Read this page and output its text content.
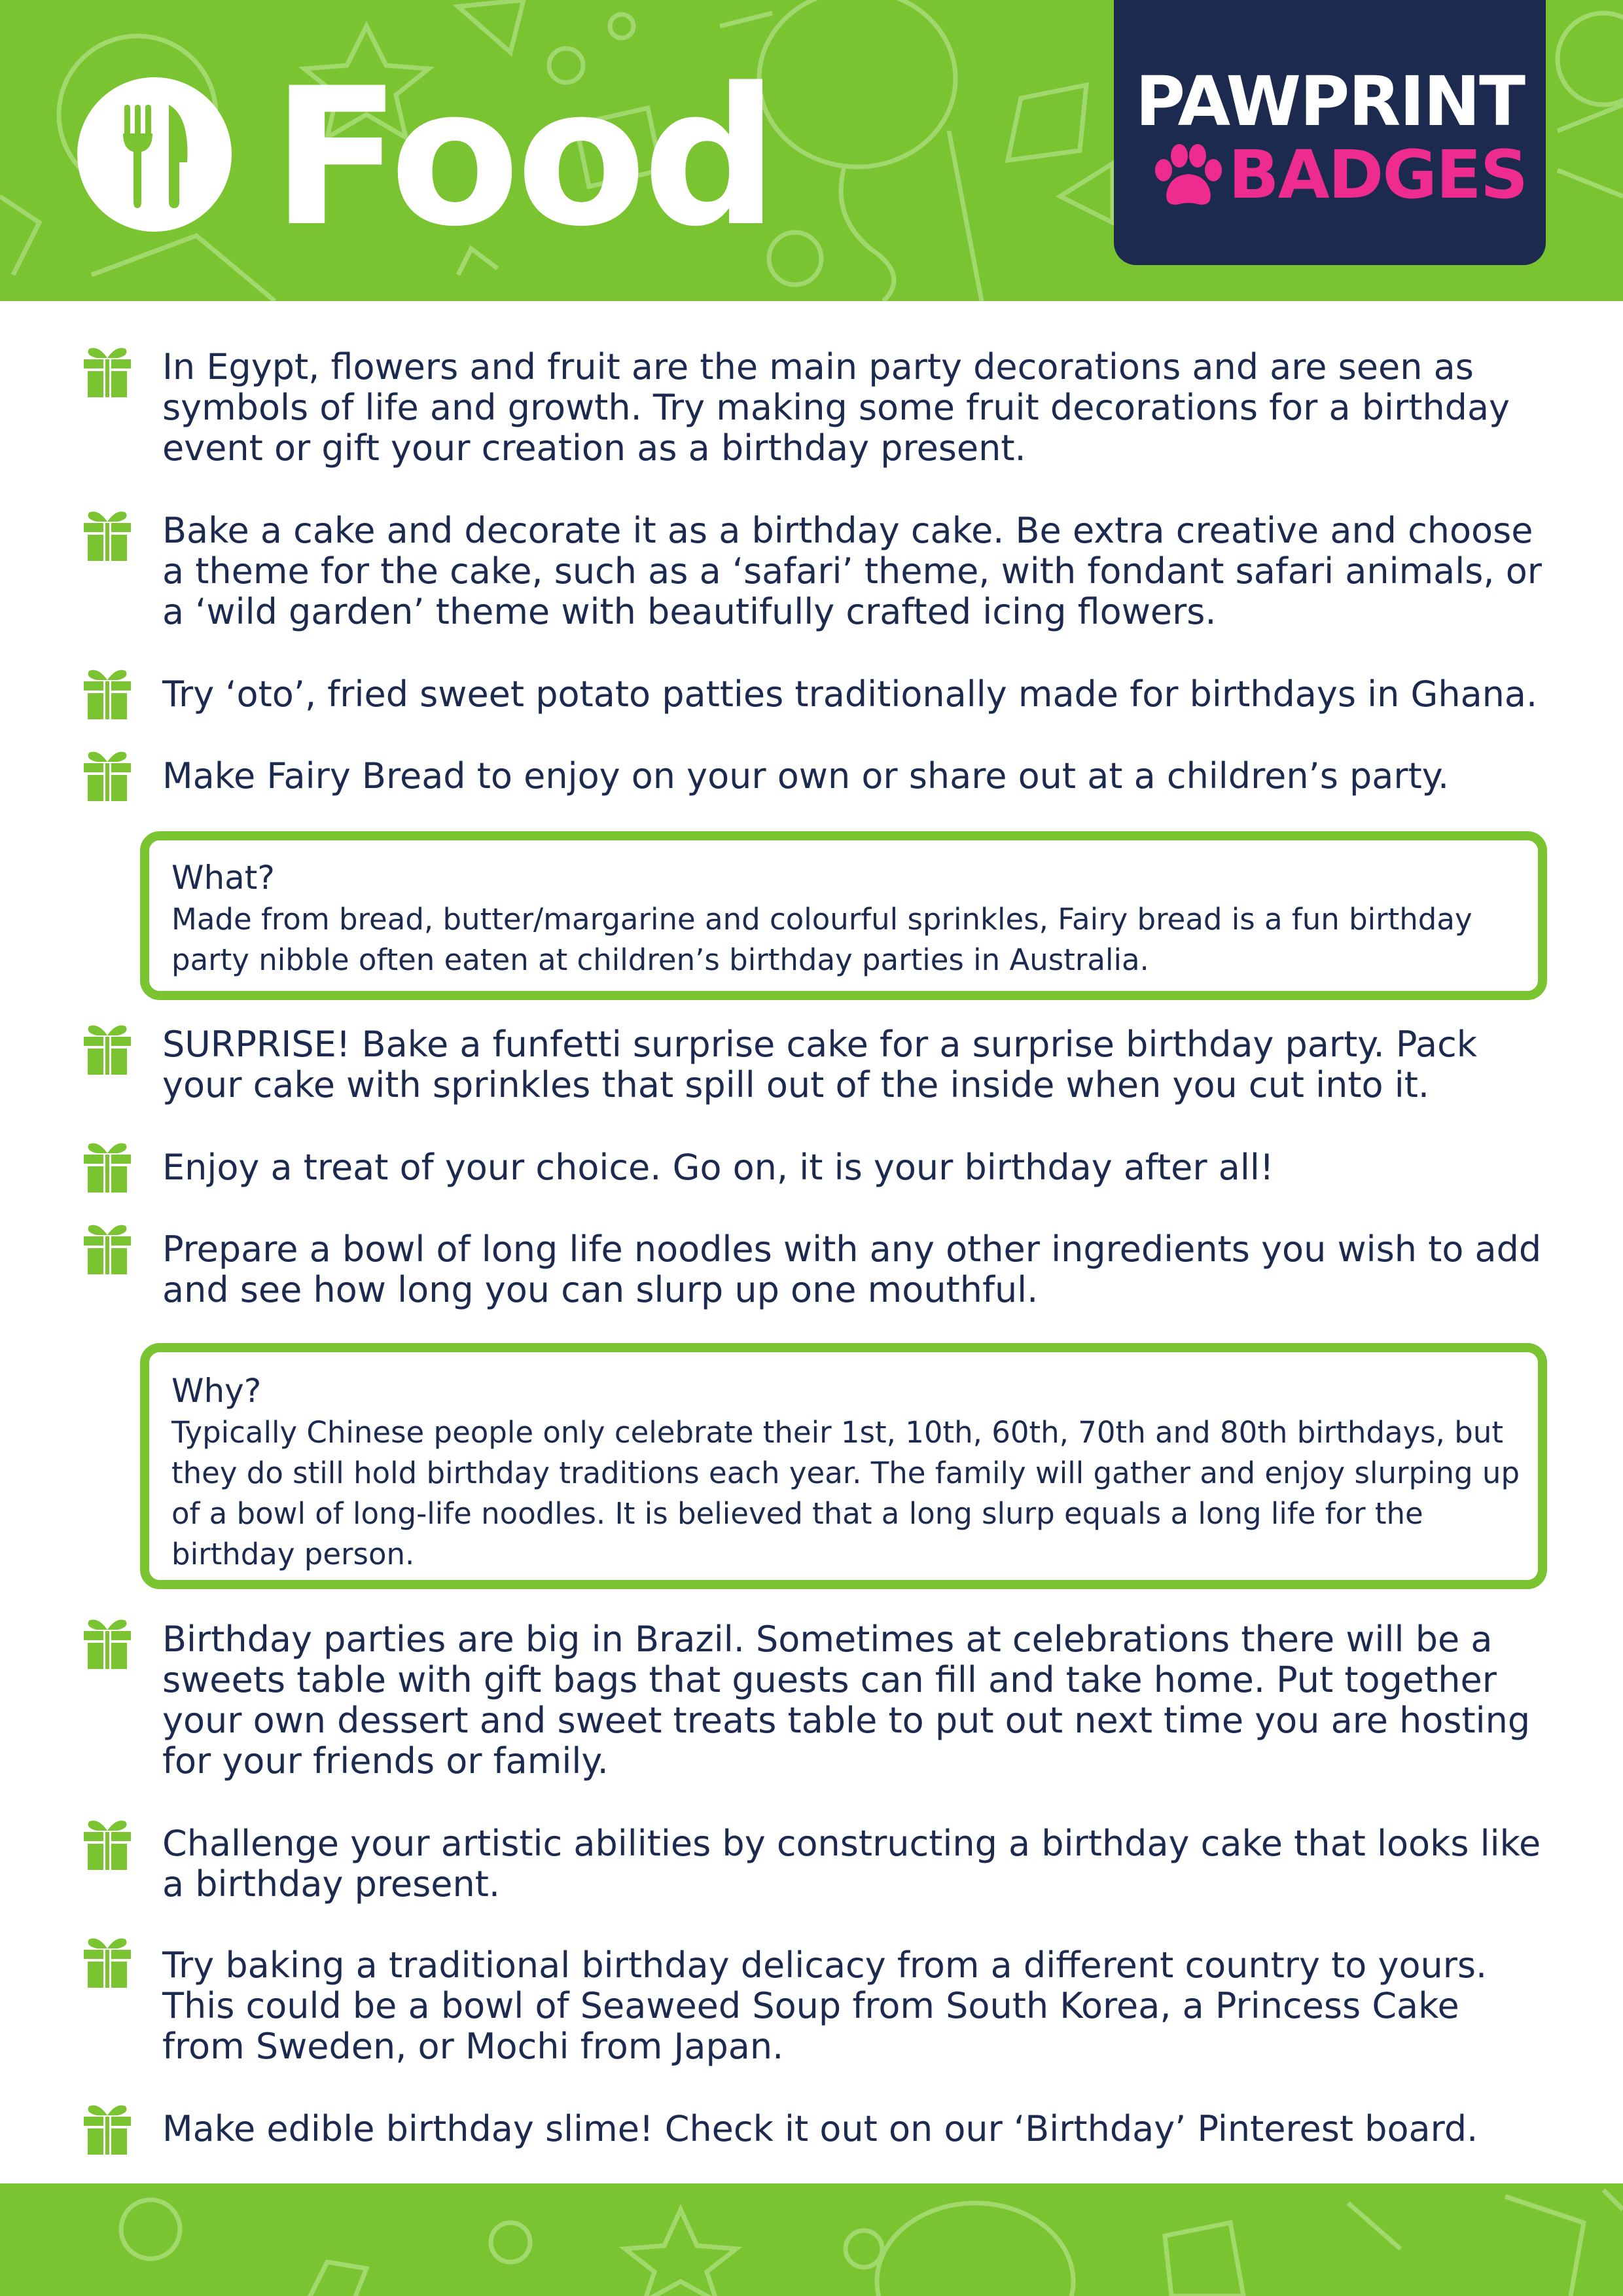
Food	PAWPRINT
BADGES
In Egypt, flowers and fruit are the main party decorations and are seen as symbols of life and growth. Try making some fruit decorations for a birthday event or gift your creation as a birthday present.
Bake a cake and decorate it as a birthday cake. Be extra creative and choose a theme for the cake, such as a ‘safari’ theme, with fondant safari animals, or a ‘wild garden’ theme with beautifully crafted icing flowers.
Try ‘oto’, fried sweet potato patties traditionally made for birthdays in Ghana.
Make Fairy Bread to enjoy on your own or share out at a children’s party.
What?
Made from bread, butter/margarine and colourful sprinkles, Fairy bread is a fun birthday party nibble often eaten at children’s birthday parties in Australia.
SURPRISE! Bake a funfetti surprise cake for a surprise birthday party. Pack your cake with sprinkles that spill out of the inside when you cut into it.
Enjoy a treat of your choice. Go on, it is your birthday after all!
Prepare a bowl of long life noodles with any other ingredients you wish to add and see how long you can slurp up one mouthful.
Why?
Typically Chinese people only celebrate their 1st, 10th, 60th, 70th and 80th birthdays, but they do still hold birthday traditions each year. The family will gather and enjoy slurping up of a bowl of long-life noodles. It is believed that a long slurp equals a long life for the birthday person.
Birthday parties are big in Brazil. Sometimes at celebrations there will be a sweets table with gift bags that guests can fill and take home. Put together your own dessert and sweet treats table to put out next time you are hosting for your friends or family.
Challenge your artistic abilities by constructing a birthday cake that looks like a birthday present.
Try baking a traditional birthday delicacy from a different country to yours. This could be a bowl of Seaweed Soup from South Korea, a Princess Cake from Sweden, or Mochi from Japan.
Make edible birthday slime! Check it out on our ‘Birthday’ Pinterest board.
